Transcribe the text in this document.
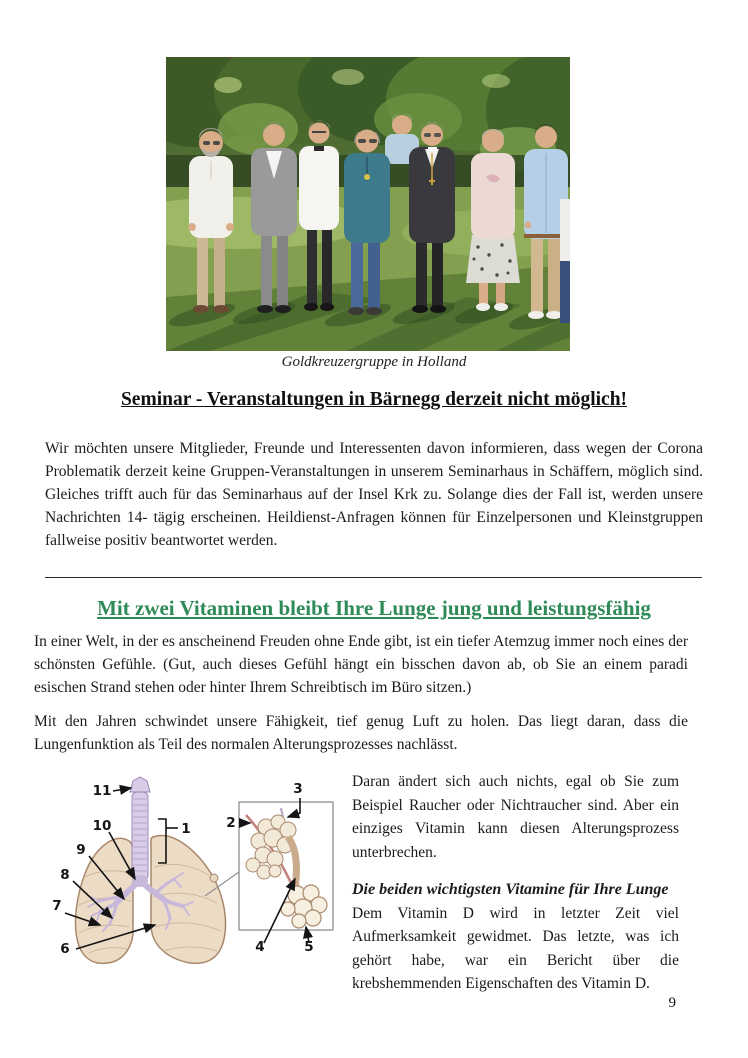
Goldkreuzergruppe in Holland
Seminar - Veranstaltungen in Bärnegg derzeit nicht möglich!
Wir möchten unsere Mitglieder, Freunde und Interessenten davon informieren, dass wegen der Corona Problematik derzeit keine Gruppen-Veranstaltungen in unserem Seminarhaus in Schäffern, möglich sind. Gleiches trifft auch für das Seminarhaus auf der Insel Krk zu. Solange dies der Fall ist, werden unsere Nachrichten 14- tägig erscheinen. Heildienst-Anfragen können für Einzelpersonen und Kleinstgruppen fallweise positiv beantwortet werden.
Mit zwei Vitaminen bleibt Ihre Lunge jung und leistungsfähig
In einer Welt, in der es anscheinend Freuden ohne Ende gibt, ist ein tiefer Atemzug immer noch eines der schönsten Gefühle. (Gut, auch dieses Gefühl hängt ein bisschen davon ab, ob Sie an einem paradi esischen Strand stehen oder hinter Ihrem Schreibtisch im Büro sitzen.)
Mit den Jahren schwindet unsere Fähigkeit, tief genug Luft zu holen. Das liegt daran, dass die Lungenfunktion als Teil des normalen Alterungsprozesses nachlässt.
11
10	1
9
8
7
6
2
3
4	5

Daran ändert sich auch nichts, egal ob Sie zum Beispiel Raucher oder Nichtraucher sind. Aber ein einziges Vitamin kann diesen Alterungsprozess unterbrechen.

Die beiden wichtigsten Vitamine für Ihre Lunge

Dem Vitamin D wird in letzter Zeit viel Aufmerksamkeit gewidmet. Das letzte, was ich gehört habe, war ein Bericht über die krebshemmenden Eigenschaften des Vitamin D.

9
